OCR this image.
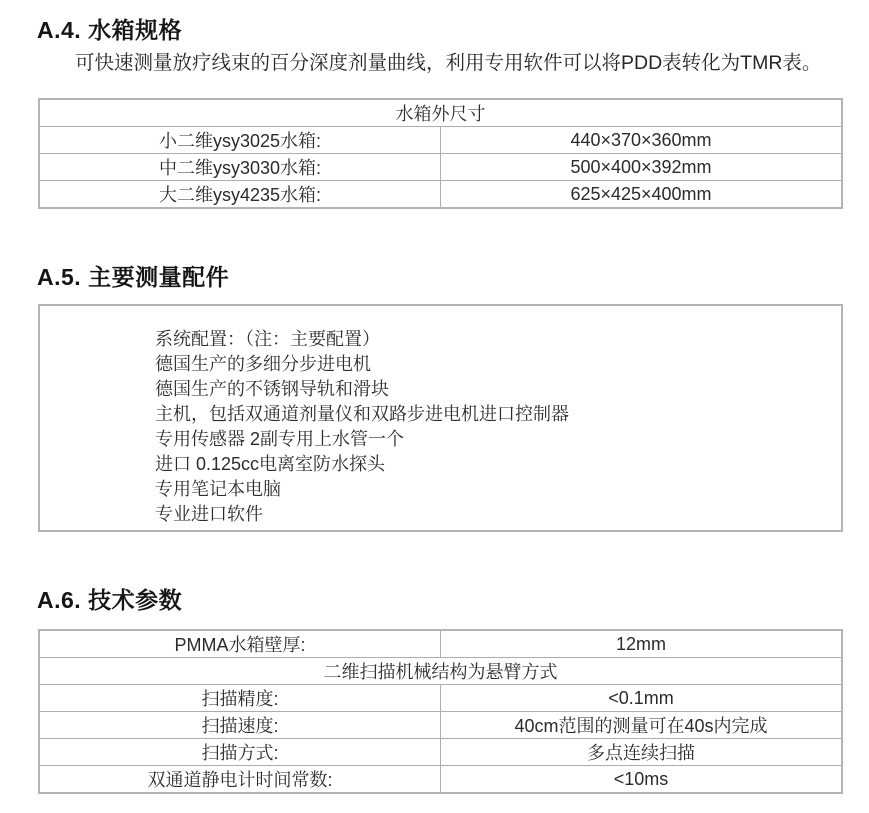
A.4. 水箱规格

可快速测量放疗线束的百分深度剂量曲线，利用专用软件可以将PDD表转化为TMR表。

水箱外尺寸	
小二维ysy3025水箱:	440×370×360mm
中二维ysy3030水箱:	500×400×392mm
大二维ysy4235水箱:	625×425×400mm
A.5. 主要测量配件
系统配置：（注：主要配置）
德国生产的多细分步进电机
德国生产的不锈钢导轨和滑块
主机，包括双通道剂量仪和双路步进电机进口控制器
专用传感器 2副专用上水管一个
进口 0.125cc电离室防水探头
专用笔记本电脑
专业进口软件
A.6. 技术参数
PMMA水箱壁厚:	12mm
二维扫描机械结构为悬臂方式	
扫描精度:	<0.1mm
扫描速度:	40cm范围的测量可在40s内完成
扫描方式:	多点连续扫描
双通道静电计时间常数:	<10ms
